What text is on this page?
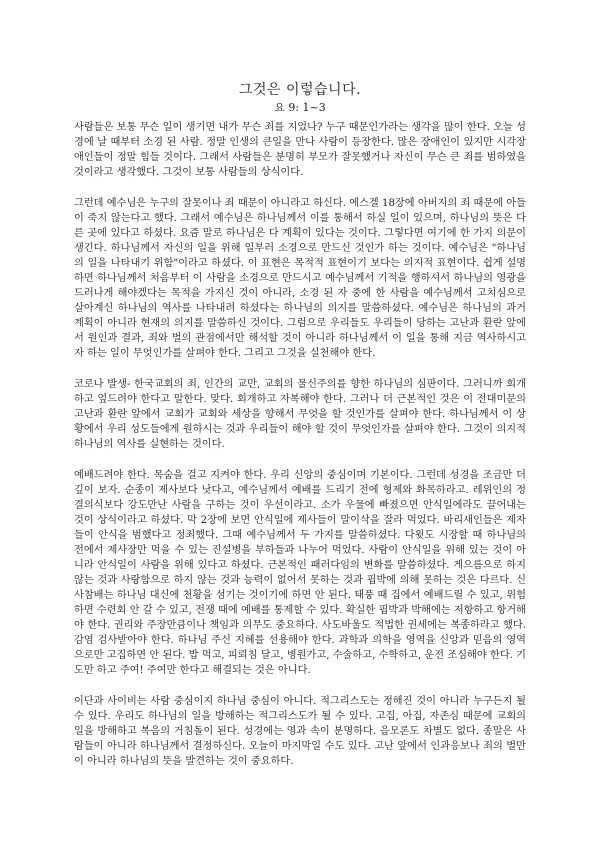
그것은 이렇습니다.
요 9: 1~3

사람들은 보통 무슨 일이 생기면 내가 무슨 죄를 지었나? 누구 때문인가라는 생각을 많이 한다. 오늘 성경에 날 때부터 소경 된 사람. 정말 인생의 큰일을 만나 사람이 등장한다. 많은 장애인이 있지만 시각장애인들이 정말 힘들 것이다. 그래서 사람들은 분명히 부모가 잘못했거나 자신이 무슨 큰 죄를 범하였을 것이라고 생각했다. 그것이 보통 사람들의 상식이다.

그런데 예수님은 누구의 잘못이나 죄 때문이 아니라고 하신다. 에스겔 18장에 아버지의 죄 때문에 아들이 죽지 않는다고 했다. 그래서 예수님은 하나님께서 이를 통해서 하실 일이 있으며, 하나님의 뜻은 다른 곳에 있다고 하셨다. 요즘 말로 하나님은 다 계획이 있다는 것이다. 그렇다면 여기에 한 가지 의문이 생긴다. 하나님께서 자신의 일을 위해 일부러 소경으로 만드신 것인가 하는 것이다. 예수님은 "하나님의 일을 나타내기 위함"이라고 하셨다. 이 표현은 목적적 표현이기 보다는 의지적 표현이다. 쉽게 설명하면 하나님께서 처음부터 이 사람을 소경으로 만드시고 예수님께서 기적을 행하셔서 하나님의 영광을 드러나게 해야겠다는 목적을 가지신 것이 아니라, 소경 된 자 중에 한 사람을 예수님께서 고치심으로 살아계신 하나님의 역사를 나타내려 하셨다는 하나님의 의지를 말씀하셨다. 예수님은 하나님의 과거 계획이 아니라 현재의 의지를 말씀하신 것이다. 그럼으로 우리들도 우리들이 당하는 고난과 환란 앞에서 원인과 결과, 죄와 벌의 관점에서만 해석할 것이 아니라 하나님께서 이 일을 통해 지금 역사하시고자 하는 일이 무엇인가를 살펴야 한다. 그리고 그것을 실천해야 한다.

코로나 발생- 한국교회의 죄, 인간의 교만, 교회의 물신주의를 향한 하나님의 심판이다. 그러니까 회개하고 엎드려야 한다고 말한다. 맞다. 회개하고 자복해야 한다. 그러나 더 근본적인 것은 이 전대미문의 고난과 환란 앞에서 교회가 교회와 세상을 향해서 무엇을 할 것인가를 살펴야 한다. 하나님께서 이 상황에서 우리 성도들에게 원하시는 것과 우리들이 해야 할 것이 무엇인가를 살펴야 한다. 그것이 의지적 하나님의 역사를 실현하는 것이다.

예배드려야 한다. 목숨을 걸고 지켜야 한다. 우리 신앙의 중심이며 기본이다. 그런데 성경을 조금만 더 깊이 보자. 순종이 제사보다 낫다고, 예수님께서 예배를 드리기 전에 형제와 화목하라고. 레위인의 정결의식보다 강도만난 사람을 구하는 것이 우선이라고. 소가 우물에 빠졌으면 안식일에라도 끌어내는 것이 상식이라고 하셨다. 막 2장에 보면 안식일에 제사들이 말이삭을 잘라 먹었다. 바리새인들은 제자들이 안식을 범했다고 정죄했다. 그때 예수님께서 두 가지를 말씀하셨다. 다윗도 시장할 때 하나님의 전에서 제사장만 먹을 수 있는 진설병을 부하들과 나누어 먹었다. 사람이 안식일을 위해 있는 것이 아니라 안식일이 사람을 위해 있다고 하셨다. 근본적인 패러다임의 변화를 말씀하셨다. 게으름으로 하지 않는 것과 사랑함으로 하지 않는 것과 능력이 없어서 못하는 것과 핍박에 의해 못하는 것은 다르다. 신사참배는 하나님 대신에 천황을 섬기는 것이기에 하면 안 된다. 태풍 때 집에서 예배드릴 수 있고, 위험하면 수련회 안 갈 수 있고, 전쟁 때에 예배를 통제할 수 있다. 확실한 핍박과 박해에는 저항하고 항거해야 한다. 권리와 주장만큼이나 책임과 의무도 중요하다. 사도바울도 적법한 권세에는 복종하라고 했다. 감염 검사받아야 한다. 하나님 주신 지혜를 선용해야 한다. 과학과 의학을 영역을 신앙과 믿음의 영역으로만 고집하면 안 된다. 밥 먹고, 피뢰침 달고, 병원가고, 수술하고, 수학하고, 운전 조심해야 한다. 기도만 하고 주여! 주여만 한다고 해결되는 것은 아니다.

이단과 사이비는 사람 중심이지 하나님 중심이 아니다. 적그리스도는 정해진 것이 아니라 누구든지 될 수 있다. 우리도 하나님의 일을 방해하는 적그리스도가 될 수 있다. 고집, 아집, 자존심 때문에 교회의 일을 방해하고 복음의 거침돌이 된다. 성경에는 영과 속이 분명하다. 음모론도 차별도 없다. 종말은 사람들이 아니라 하나님께서 결정하신다. 오늘이 마지막일 수도 있다. 고난 앞에서 인과응보나 죄의 벌만이 아니라 하나님의 뜻을 발견하는 것이 중요하다.
